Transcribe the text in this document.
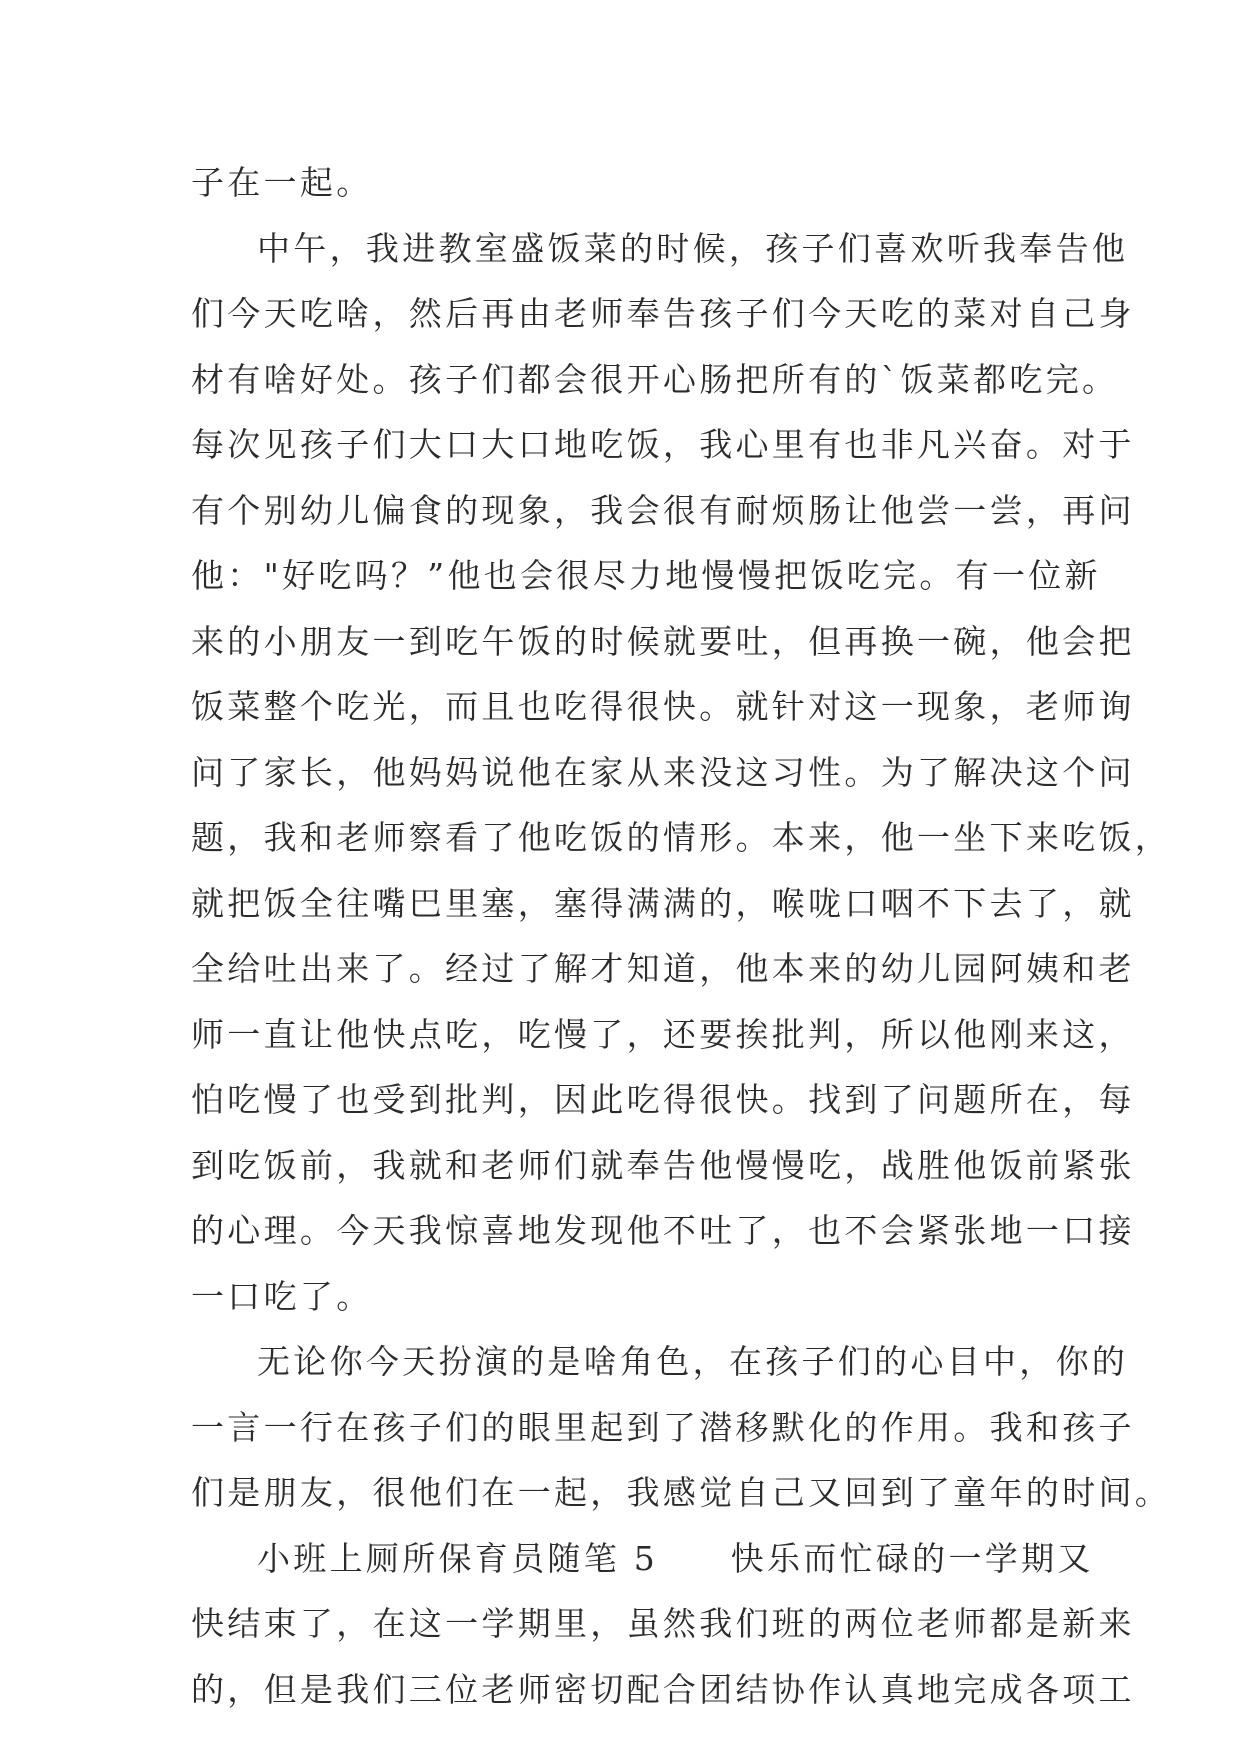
子在一起。
中午，我进教室盛饭菜的时候，孩子们喜欢听我奉告他
们今天吃啥，然后再由老师奉告孩子们今天吃的菜对自己身
材有啥好处。孩子们都会很开心肠把所有的`饭菜都吃完。
每次见孩子们大口大口地吃饭，我心里有也非凡兴奋。对于
有个别幼儿偏食的现象，我会很有耐烦肠让他尝一尝，再问
他："好吃吗？”他也会很尽力地慢慢把饭吃完。有一位新
来的小朋友一到吃午饭的时候就要吐，但再换一碗，他会把
饭菜整个吃光，而且也吃得很快。就针对这一现象，老师询
问了家长，他妈妈说他在家从来没这习性。为了解决这个问
题，我和老师察看了他吃饭的情形。本来，他一坐下来吃饭，
就把饭全往嘴巴里塞，塞得满满的，喉咙口咽不下去了，就
全给吐出来了。经过了解才知道，他本来的幼儿园阿姨和老
师一直让他快点吃，吃慢了，还要挨批判，所以他刚来这，
怕吃慢了也受到批判，因此吃得很快。找到了问题所在，每
到吃饭前，我就和老师们就奉告他慢慢吃，战胜他饭前紧张
的心理。今天我惊喜地发现他不吐了，也不会紧张地一口接
一口吃了。
无论你今天扮演的是啥角色，在孩子们的心目中，你的
一言一行在孩子们的眼里起到了潜移默化的作用。我和孩子
们是朋友，很他们在一起，我感觉自己又回到了童年的时间。
小班上厕所保育员随笔 5　　快乐而忙碌的一学期又
快结束了，在这一学期里，虽然我们班的两位老师都是新来
的，但是我们三位老师密切配合团结协作认真地完成各项工
